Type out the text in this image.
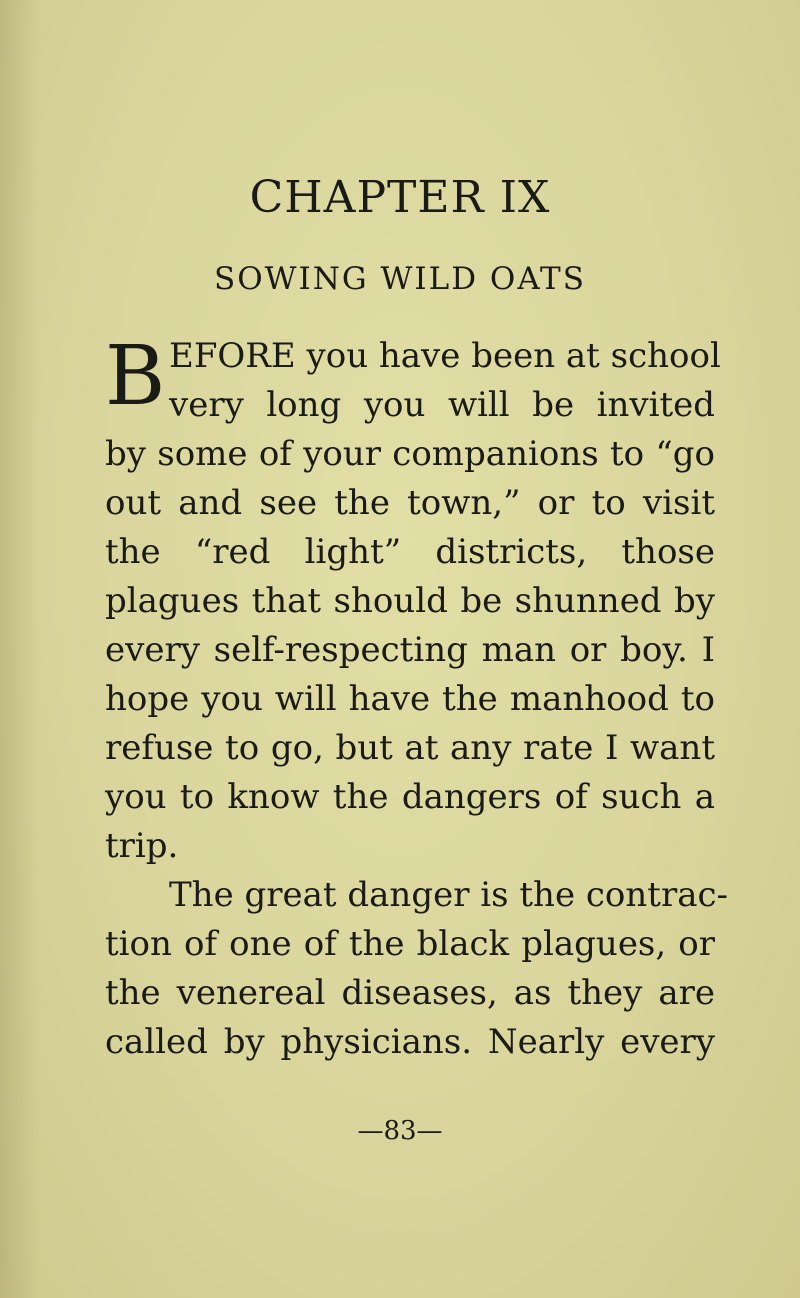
CHAPTER IX
SOWING WILD OATS
B EFORE you have been at school
very long you will be invited
by some of your companions to “go
out and see the town,” or to visit
the “red light” districts, those
plagues that should be shunned by
every self-respecting man or boy. I
hope you will have the manhood to
refuse to go, but at any rate I want
you to know the dangers of such a
trip.
The great danger is the contrac-
tion of one of the black plagues, or
the venereal diseases, as they are
called by physicians. Nearly every
—83—
